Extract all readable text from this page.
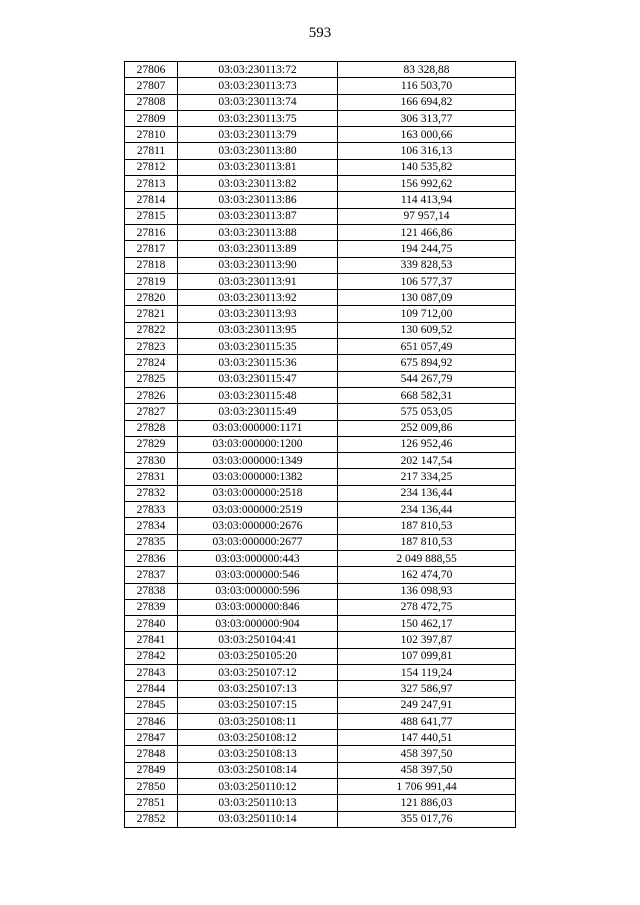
593
27806	03:03:230113:72	83 328,88
27807	03:03:230113:73	116 503,70
27808	03:03:230113:74	166 694,82
27809	03:03:230113:75	306 313,77
27810	03:03:230113:79	163 000,66
27811	03:03:230113:80	106 316,13
27812	03:03:230113:81	140 535,82
27813	03:03:230113:82	156 992,62
27814	03:03:230113:86	114 413,94
27815	03:03:230113:87	97 957,14
27816	03:03:230113:88	121 466,86
27817	03:03:230113:89	194 244,75
27818	03:03:230113:90	339 828,53
27819	03:03:230113:91	106 577,37
27820	03:03:230113:92	130 087,09
27821	03:03:230113:93	109 712,00
27822	03:03:230113:95	130 609,52
27823	03:03:230115:35	651 057,49
27824	03:03:230115:36	675 894,92
27825	03:03:230115:47	544 267,79
27826	03:03:230115:48	668 582,31
27827	03:03:230115:49	575 053,05
27828	03:03:000000:1171	252 009,86
27829	03:03:000000:1200	126 952,46
27830	03:03:000000:1349	202 147,54
27831	03:03:000000:1382	217 334,25
27832	03:03:000000:2518	234 136,44
27833	03:03:000000:2519	234 136,44
27834	03:03:000000:2676	187 810,53
27835	03:03:000000:2677	187 810,53
27836	03:03:000000:443	2 049 888,55
27837	03:03:000000:546	162 474,70
27838	03:03:000000:596	136 098,93
27839	03:03:000000:846	278 472,75
27840	03:03:000000:904	150 462,17
27841	03:03:250104:41	102 397,87
27842	03:03:250105:20	107 099,81
27843	03:03:250107:12	154 119,24
27844	03:03:250107:13	327 586,97
27845	03:03:250107:15	249 247,91
27846	03:03:250108:11	488 641,77
27847	03:03:250108:12	147 440,51
27848	03:03:250108:13	458 397,50
27849	03:03:250108:14	458 397,50
27850	03:03:250110:12	1 706 991,44
27851	03:03:250110:13	121 886,03
27852	03:03:250110:14	355 017,76
